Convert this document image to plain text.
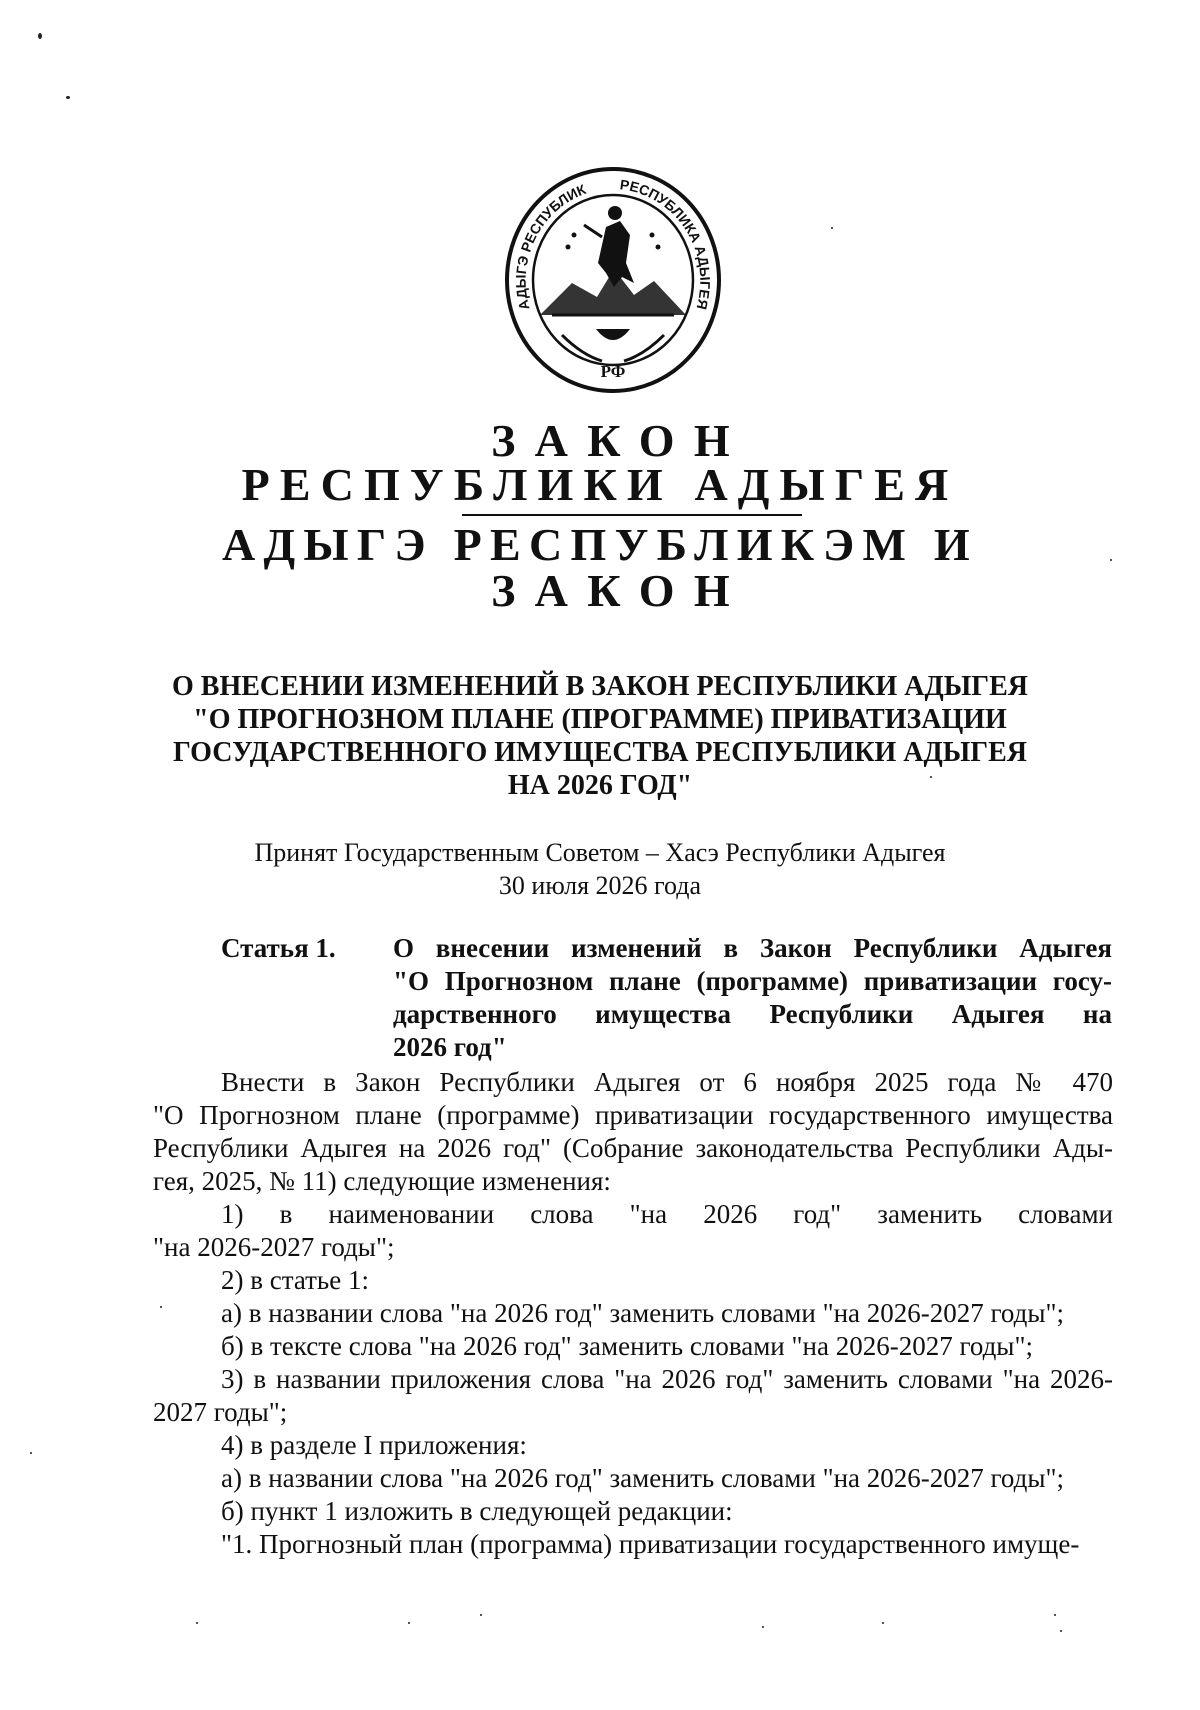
АДЫГЭ РЕСПУБЛИК РЕСПУБЛИКА АДЫГЕЯ
РФ
ЗАКОН
РЕСПУБЛИКИ АДЫГЕЯ
АДЫГЭ РЕСПУБЛИКЭМ И
ЗАКОН
О ВНЕСЕНИИ ИЗМЕНЕНИЙ В ЗАКОН РЕСПУБЛИКИ АДЫГЕЯ
"О ПРОГНОЗНОМ ПЛАНЕ (ПРОГРАММЕ) ПРИВАТИЗАЦИИ
ГОСУДАРСТВЕННОГО ИМУЩЕСТВА РЕСПУБЛИКИ АДЫГЕЯ
НА 2026 ГОД"
Принят Государственным Советом – Хасэ Республики Адыгея
30 июля 2026 года
Статья 1. О внесении изменений в Закон Республики Адыгея
"О Прогнозном плане (программе) приватизации госу-
дарственного имущества Республики Адыгея на
2026 год"
Внести в Закон Республики Адыгея от 6 ноября 2025 года № 470
"О Прогнозном плане (программе) приватизации государственного имущества
Республики Адыгея на 2026 год" (Собрание законодательства Республики Ады-
гея, 2025, № 11) следующие изменения:
1) в наименовании слова "на 2026 год" заменить словами
"на 2026-2027 годы";
2) в статье 1:
а) в названии слова "на 2026 год" заменить словами "на 2026-2027 годы";
б) в тексте слова "на 2026 год" заменить словами "на 2026-2027 годы";
3) в названии приложения слова "на 2026 год" заменить словами "на 2026-
2027 годы";
4) в разделе I приложения:
а) в названии слова "на 2026 год" заменить словами "на 2026-2027 годы";
б) пункт 1 изложить в следующей редакции:
"1. Прогнозный план (программа) приватизации государственного имуще-
